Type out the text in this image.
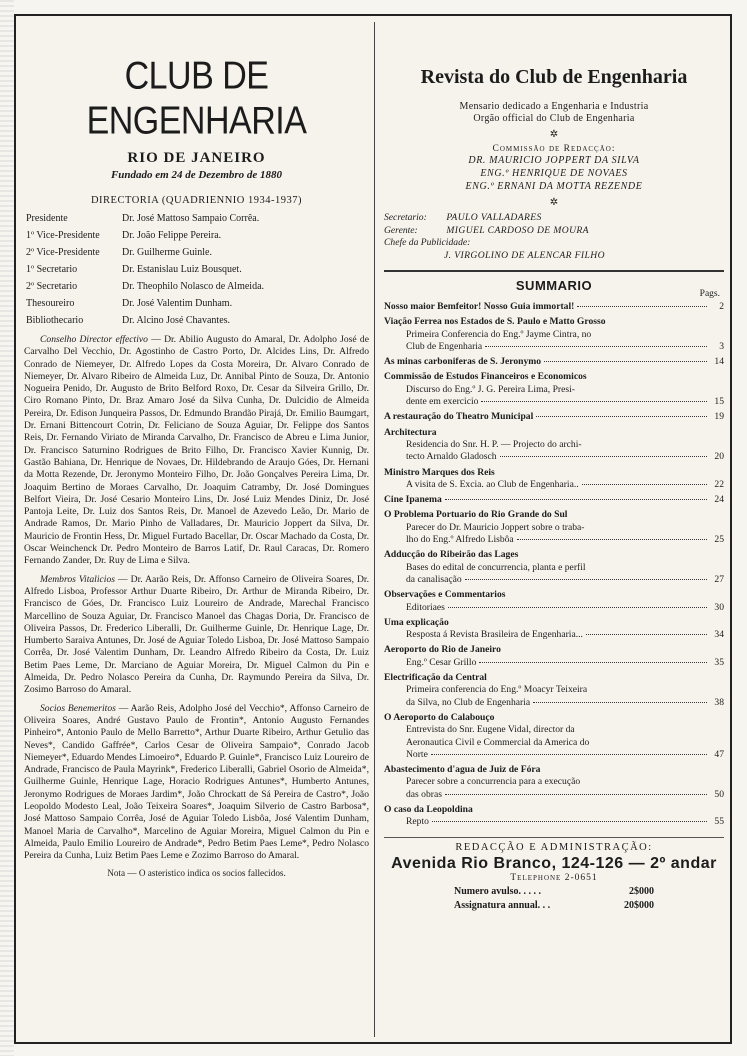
CLUB DE ENGENHARIA
RIO DE JANEIRO
Fundado em 24 de Dezembro de 1880
DIRECTORIA (QUADRIENNIO 1934-1937)
Presidente	Dr. José Mattoso Sampaio Corrêa.
1º Vice-Presidente	Dr. João Felippe Pereira.
2º Vice-Presidente	Dr. Guilherme Guinle.
1º Secretario	Dr. Estanislau Luiz Bousquet.
2º Secretario	Dr. Theophilo Nolasco de Almeida.
Thesoureiro	Dr. José Valentim Dunham.
Bibliothecario	Dr. Alcino José Chavantes.
Conselho Director effectivo — Dr. Abilio Augusto do Amaral, Dr. Adolpho José de Carvalho Del Vecchio, Dr. Agostinho de Castro Porto, Dr. Alcides Lins, Dr. Alfredo Conrado de Niemeyer, Dr. Alfredo Lopes da Costa Moreira, Dr. Alvaro Conrado de Niemeyer, Dr. Alvaro Ribeiro de Almeida Luz, Dr. Annibal Pinto de Souza, Dr. Antonio Nogueira Penido, Dr. Augusto de Brito Belford Roxo, Dr. Cesar da Silveira Grillo, Dr. Ciro Romano Pinto, Dr. Braz Amaro José da Silva Cunha, Dr. Dulcidio de Almeida Pereira, Dr. Edison Junqueira Passos, Dr. Edmundo Brandão Pirajá, Dr. Emilio Baumgart, Dr. Ernani Bittencourt Cotrin, Dr. Feliciano de Souza Aguiar, Dr. Felippe dos Santos Reis, Dr. Fernando Viriato de Miranda Carvalho, Dr. Francisco de Abreu e Lima Junior, Dr. Francisco Saturnino Rodrigues de Brito Filho, Dr. Francisco Xavier Kunnig, Dr. Gastão Bahiana, Dr. Henrique de Novaes, Dr. Hildebrando de Araujo Góes, Dr. Hernani da Motta Rezende, Dr. Jeronymo Monteiro Filho, Dr. João Gonçalves Pereira Lima, Dr. Joaquim Bertino de Moraes Carvalho, Dr. Joaquim Catramby, Dr. José Domingues Belfort Vieira, Dr. José Cesario Monteiro Lins, Dr. José Luiz Mendes Diniz, Dr. José Pantoja Leite, Dr. Luiz dos Santos Reis, Dr. Manoel de Azevedo Leão, Dr. Mario de Andrade Ramos, Dr. Mario Pinho de Valladares, Dr. Mauricio Joppert da Silva, Dr. Mauricio de Frontin Hess, Dr. Miguel Furtado Bacellar, Dr. Oscar Machado da Costa, Dr. Oscar Weinchenck Dr. Pedro Monteiro de Barros Latif, Dr. Raul Caracas, Dr. Romero Fernando Zander, Dr. Ruy de Lima e Silva.
Membros Vitalicios — Dr. Aarão Reis, Dr. Affonso Carneiro de Oliveira Soares, Dr. Alfredo Lisboa, Professor Arthur Duarte Ribeiro, Dr. Arthur de Miranda Ribeiro, Dr. Francisco de Góes, Dr. Francisco Luiz Loureiro de Andrade, Marechal Francisco Marcellino de Souza Aguiar, Dr. Francisco Manoel das Chagas Doria, Dr. Francisco de Oliveira Passos, Dr. Frederico Liberalli, Dr. Guilherme Guinle, Dr. Henrique Lage, Dr. Humberto Saraiva Antunes, Dr. José de Aguiar Toledo Lisboa, Dr. José Mattoso Sampaio Corrêa, Dr. José Valentim Dunham, Dr. Leandro Alfredo Ribeiro da Costa, Dr. Luiz Betim Paes Leme, Dr. Marciano de Aguiar Moreira, Dr. Miguel Calmon du Pin e Almeida, Dr. Pedro Nolasco Pereira da Cunha, Dr. Raymundo Pereira da Silva, Dr. Zosimo Barroso do Amaral.
Socios Benemeritos — Aarão Reis, Adolpho José del Vecchio*, Affonso Carneiro de Oliveira Soares, André Gustavo Paulo de Frontin*, Antonio Augusto Fernandes Pinheiro*, Antonio Paulo de Mello Barretto*, Arthur Duarte Ribeiro, Arthur Getulio das Neves*, Candido Gaffrée*, Carlos Cesar de Oliveira Sampaio*, Conrado Jacob Niemeyer*, Eduardo Mendes Limoeiro*, Eduardo P. Guinle*, Francisco Luiz Loureiro de Andrade, Francisco de Paula Mayrink*, Frederico Liberalli, Gabriel Osorio de Almeida*, Guilherme Guinle, Henrique Lage, Horacio Rodrigues Antunes*, Humberto Antunes, Jeronymo Rodrigues de Moraes Jardim*, João Chrockatt de Sá Pereira de Castro*, João Leopoldo Modesto Leal, João Teixeira Soares*, Joaquim Silverio de Castro Barbosa*, José Mattoso Sampaio Corrêa, José de Aguiar Toledo Lisbôa, José Valentim Dunham, Manoel Maria de Carvalho*, Marcelino de Aguiar Moreira, Miguel Calmon du Pin e Almeida, Paulo Emilio Loureiro de Andrade*, Pedro Betim Paes Leme*, Pedro Nolasco Pereira da Cunha, Luiz Betim Paes Leme e Zozimo Barroso do Amaral.
Nota — O asteristico indica os socios fallecidos.
Revista do Club de Engenharia
Mensario dedicado a Engenharia e Industria
Orgão official do Club de Engenharia
✲
Commissão de Redacção:
DR. MAURICIO JOPPERT DA SILVA
ENG.º HENRIQUE DE NOVAES
ENG.º ERNANI DA MOTTA REZENDE
✲
Secretario: PAULO VALLADARES
Gerente:	MIGUEL CARDOSO DE MOURA
Chefe da Publicidade:
J. VIRGOLINO DE ALENCAR FILHO
SUMMARIO
Pags.
Nosso maior Bemfeitor! Nosso Guia immortal!	2
Viação Ferrea nos Estados de S. Paulo e Matto Grosso
Primeira Conferencia do Eng.º Jayme Cintra, no
Club de Engenharia	3
As minas carboniferas de S. Jeronymo	14
Commissão de Estudos Financeiros e Economicos
Discurso do Eng.º J. G. Pereira Lima, Presi-
dente em exercicio	15
A restauração do Theatro Municipal	19
Architectura
Residencia do Snr. H. P. — Projecto do archi-
tecto Arnaldo Gladosch	20
Ministro Marques dos Reis
A visita de S. Excia. ao Club de Engenharia..	22
Cine Ipanema	24
O Problema Portuario do Rio Grande do Sul
Parecer do Dr. Mauricio Joppert sobre o traba-
lho do Eng.º Alfredo Lisbôa	25
Adducção do Ribeirão das Lages
Bases do edital de concurrencia, planta e perfil
da canalisação	27
Observações e Commentarios
Editoriaes	30
Uma explicação
Resposta á Revista Brasileira de Engenharia...	34
Aeroporto do Rio de Janeiro
Eng.º Cesar Grillo	35
Electrificação da Central
Primeira conferencia do Eng.º Moacyr Teixeira
da Silva, no Club de Engenharia	38
O Aeroporto do Calabouço
Entrevista do Snr. Eugene Vidal, director da
Aeronautica Civil e Commercial da America do
Norte	47
Abastecimento d'agua de Juiz de Fóra
Parecer sobre a concurrencia para a execução
das obras	50
O caso da Leopoldina
Repto	55
REDACÇÃO E ADMINISTRAÇÃO:
Avenida Rio Branco, 124-126 — 2º andar
Telephone 2-0651
Numero avulso. . . . .	2$000
Assignatura annual. . .	20$000
